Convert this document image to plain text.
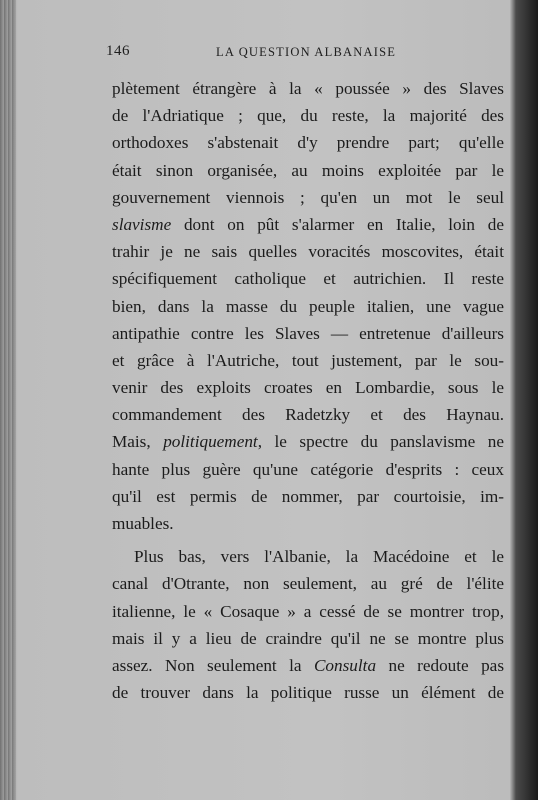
146	LA QUESTION ALBANAISE
plètement étrangère à la « poussée » des Slaves
de l'Adriatique ; que, du reste, la majorité des
orthodoxes s'abstenait d'y prendre part; qu'elle
était sinon organisée, au moins exploitée par le
gouvernement viennois ; qu'en un mot le seul
slavisme dont on pût s'alarmer en Italie, loin de
trahir je ne sais quelles voracités moscovites, était
spécifiquement catholique et autrichien. Il reste
bien, dans la masse du peuple italien, une vague
antipathie contre les Slaves — entretenue d'ailleurs
et grâce à l'Autriche, tout justement, par le sou-
venir des exploits croates en Lombardie, sous le
commandement des Radetzky et des Haynau.
Mais, politiquement, le spectre du panslavisme ne
hante plus guère qu'une catégorie d'esprits : ceux
qu'il est permis de nommer, par courtoisie, im-
muables.
Plus bas, vers l'Albanie, la Macédoine et le
canal d'Otrante, non seulement, au gré de l'élite
italienne, le « Cosaque » a cessé de se montrer trop,
mais il y a lieu de craindre qu'il ne se montre plus
assez. Non seulement la Consulta ne redoute pas
de trouver dans la politique russe un élément de
